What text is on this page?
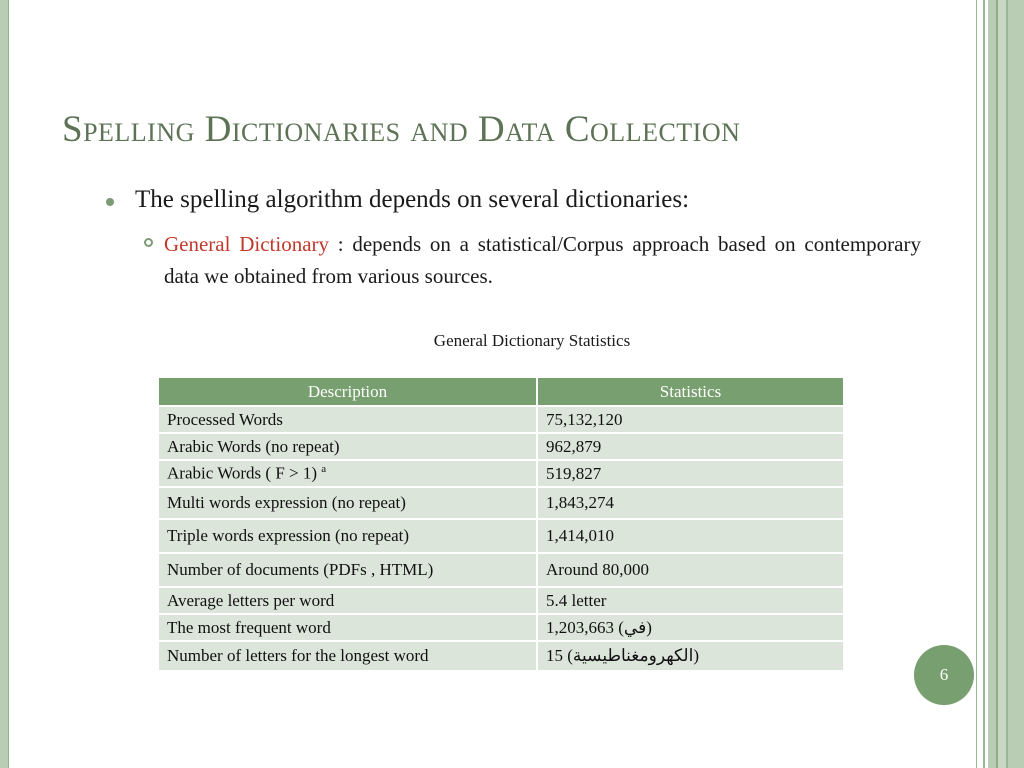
Spelling Dictionaries and Data Collection
The spelling algorithm depends on several dictionaries:
General Dictionary : depends on a statistical/Corpus approach based on contemporary data we obtained from various sources.
General Dictionary Statistics
Description	Statistics
Processed Words	75,132,120
Arabic Words (no repeat)	962,879
Arabic Words ( F > 1) $^a$	519,827
Multi words expression (no repeat)	1,843,274
Triple words expression (no repeat)	1,414,010
Number of documents (PDFs , HTML)	Around 80,000
Average letters per word	5.4 letter
The most frequent word	1,203,663 (في)
Number of letters for the longest word	15 (الكهرومغناطيسية)
6
